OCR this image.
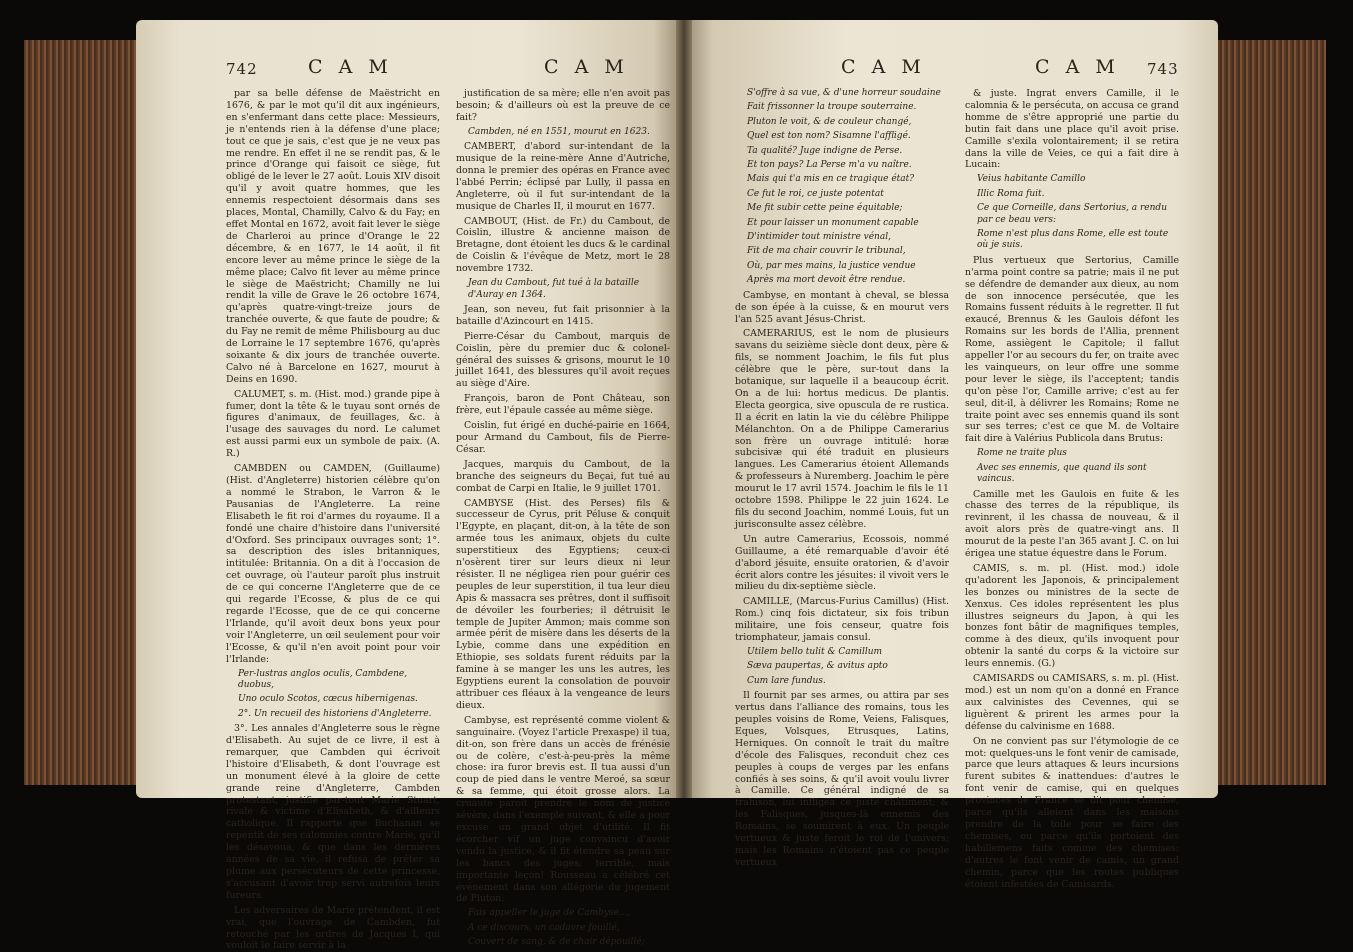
742	C A M	C A M

par sa belle défense de Maëstricht en 1676, & par le mot qu'il dit aux ingénieurs, en s'enfermant dans cette place: Messieurs, je n'entends rien à la défense d'une place; tout ce que je sais, c'est que je ne veux pas me rendre. En effet il ne se rendit pas, & le prince d'Orange qui faisoit ce siège, fut obligé de le lever le 27 août. Louis XIV disoit qu'il y avoit quatre hommes, que les ennemis respectoient désormais dans ses places, Montal, Chamilly, Calvo & du Fay; en effet Montal en 1672, avoit fait lever le siège de Charleroi au prince d'Orange le 22 décembre, & en 1677, le 14 août, il fit encore lever au même prince le siège de la même place; Calvo fit lever au même prince le siège de Maëstricht; Chamilly ne lui rendit la ville de Grave le 26 octobre 1674, qu'après quatre-vingt-treize jours de tranchée ouverte, & que faute de poudre; & du Fay ne remit de même Philisbourg au duc de Lorraine le 17 septembre 1676, qu'après soixante & dix jours de tranchée ouverte. Calvo né à Barcelone en 1627, mourut à Deins en 1690.

CALUMET, s. m. (Hist. mod.) grande pipe à fumer, dont la tête & le tuyau sont ornés de figures d'animaux, de feuillages, &c. à l'usage des sauvages du nord. Le calumet est aussi parmi eux un symbole de paix. (A. R.)

CAMBDEN ou CAMDEN, (Guillaume) (Hist. d'Angleterre) historien célèbre qu'on a nommé le Strabon, le Varron & le Pausanias de l'Angleterre. La reine Elisabeth le fit roi d'armes du royaume. Il a fondé une chaire d'histoire dans l'université d'Oxford. Ses principaux ouvrages sont; 1°. sa description des isles britanniques, intitulée: Britannia. On a dit à l'occasion de cet ouvrage, où l'auteur paroît plus instruit de ce qui concerne l'Angleterre que de ce qui regarde l'Ecosse, & plus de ce qui regarde l'Ecosse, que de ce qui concerne l'Irlande, qu'il avoit deux bons yeux pour voir l'Angleterre, un œil seulement pour voir l'Ecosse, & qu'il n'en avoit point pour voir l'Irlande:

Per-lustras anglos oculis, Cambdene, duobus,

Uno oculo Scotos, cœcus hibernigenas.

2°. Un recueil des historiens d'Angleterre.

3°. Les annales d'Angleterre sous le règne d'Elisabeth. Au sujet de ce livre, il est à remarquer, que Cambden qui écrivoit l'histoire d'Elisabeth, & dont l'ouvrage est un monument élevé à la gloire de cette grande reine d'Angleterre, Cambden protestant, justifie par-tout Marie Stuart, rivale & victime d'Elisabeth, & d'ailleurs catholique. Il rapporte que Buchanan se repentit de ses calomnies contre Marie, qu'il les désavoua, & que dans les dernières années de sa vie, il refusa de prêter sa plume aux persécuteurs de cette princesse, s'accusant d'avoir trop servi autrefois leurs fureurs.

Les adversaires de Marie prétendent, il est vrai, que l'ouvrage de Cambden, fut retouché par les ordres de Jacques I, qui vouloit le faire servir à la

justification de sa mère; elle n'en avoit pas besoin; & d'ailleurs où est la preuve de ce fait?

Cambden, né en 1551, mourut en 1623.

CAMBERT, d'abord sur-intendant de la musique de la reine-mère Anne d'Autriche, donna le premier des opéras en France avec l'abbé Perrin; éclipsé par Lully, il passa en Angleterre, où il fut sur-intendant de la musique de Charles II, il mourut en 1677.

CAMBOUT, (Hist. de Fr.) du Cambout, de Coislin, illustre & ancienne maison de Bretagne, dont étoient les ducs & le cardinal de Coislin & l'évêque de Metz, mort le 28 novembre 1732.

Jean du Cambout, fut tué à la bataille d'Auray en 1364.

Jean, son neveu, fut fait prisonnier à la bataille d'Azincourt en 1415.

Pierre-César du Cambout, marquis de Coislin, père du premier duc & colonel-général des suisses & grisons, mourut le 10 juillet 1641, des blessures qu'il avoit reçues au siège d'Aire.

François, baron de Pont Château, son frère, eut l'épaule cassée au même siège.

Coislin, fut érigé en duché-pairie en 1664, pour Armand du Cambout, fils de Pierre-César.

Jacques, marquis du Cambout, de la branche des seigneurs du Beçai, fut tué au combat de Carpi en Italie, le 9 juillet 1701.

CAMBYSE (Hist. des Perses) fils & successeur de Cyrus, prit Péluse & conquit l'Egypte, en plaçant, dit-on, à la tête de son armée tous les animaux, objets du culte superstitieux des Egyptiens; ceux-ci n'osèrent tirer sur leurs dieux ni leur résister. Il ne négligea rien pour guérir ces peuples de leur superstition, il tua leur dieu Apis & massacra ses prêtres, dont il suffisoit de dévoiler les fourberies; il détruisit le temple de Jupiter Ammon; mais comme son armée périt de misère dans les déserts de la Lybie, comme dans une expédition en Ethiopie, ses soldats furent réduits par la famine à se manger les uns les autres, les Egyptiens eurent la consolation de pouvoir attribuer ces fléaux à la vengeance de leurs dieux.

Cambyse, est représenté comme violent & sanguinaire. (Voyez l'article Prexaspe) il tua, dit-on, son frère dans un accès de frénésie ou de colère, c'est-à-peu-près la même chose: ira furor brevis est. Il tua aussi d'un coup de pied dans le ventre Meroé, sa sœur & sa femme, qui étoit grosse alors. La cruauté paroît prendre le nom de justice sévère, dans l'exemple suivant, & elle a pour excuse un grand objet d'utilité. Il fit écorcher vif un juge convaincu d'avoir vendu la justice, & il fit étendre sa peau sur les bancs des juges; terrible, mais importante leçon! Rousseau a célébré cet événement dans son allégorie du jugement de Pluton:

Fais appeller le juge de Cambyse...,

A ce discours, un cadavre fouillé,

Couvert de sang, & de chair dépouillé;

C A M	C A M 743

S'offre à sa vue, & d'une horreur soudaine

Fait frissonner la troupe souterraine.

Pluton le voit, & de couleur changé,

Quel est ton nom? Sisamne l'affligé.

Ta qualité? Juge indigne de Perse.

Et ton pays? La Perse m'a vu naître.

Mais qui t'a mis en ce tragique état?

Ce fut le roi, ce juste potentat

Me fit subir cette peine équitable;

Et pour laisser un monument capable

D'intimider tout ministre vénal,

Fit de ma chair couvrir le tribunal,

Où, par mes mains, la justice vendue

Après ma mort devoit être rendue.

Cambyse, en montant à cheval, se blessa de son épée à la cuisse, & en mourut vers l'an 525 avant Jésus-Christ.

CAMERARIUS, est le nom de plusieurs savans du seizième siècle dont deux, père & fils, se nomment Joachim, le fils fut plus célèbre que le père, sur-tout dans la botanique, sur laquelle il a beaucoup écrit. On a de lui: hortus medicus. De plantis. Electa georgica, sive opuscula de re rustica. Il a écrit en latin la vie du célèbre Philippe Mélanchton. On a de Philippe Camerarius son frère un ouvrage intitulé: horæ subcisivæ qui été traduit en plusieurs langues. Les Camerarius étoient Allemands & professeurs à Nuremberg. Joachim le père mourut le 17 avril 1574. Joachim le fils le 11 octobre 1598. Philippe le 22 juin 1624. Le fils du second Joachim, nommé Louis, fut un jurisconsulte assez célèbre.

Un autre Camerarius, Ecossois, nommé Guillaume, a été remarquable d'avoir été d'abord jésuite, ensuite oratorien, & d'avoir écrit alors contre les jésuites: il vivoit vers le milieu du dix-septième siècle.

CAMILLE, (Marcus-Furius Camillus) (Hist. Rom.) cinq fois dictateur, six fois tribun militaire, une fois censeur, quatre fois triomphateur, jamais consul.

Utilem bello tulit & Camillum

Sæva paupertas, & avitus apto

Cum lare fundus.

Il fournit par ses armes, ou attira par ses vertus dans l'alliance des romains, tous les peuples voisins de Rome, Veiens, Falisques, Eques, Volsques, Etrusques, Latins, Herniques. On connoît le trait du maître d'école des Falisques, reconduit chez ces peuples à coups de verges par les enfans confiés à ses soins, & qu'il avoit voulu livrer à Camille. Ce général indigné de sa trahison, lui infligea ce juste châtiment; & les Falisques, jusques-là ennemis des Romains, se soumirent à eux. Un peuple vertueux & juste feroit le roi de l'univers; mais les Romains n'étoient pas ce peuple vertueux

& juste. Ingrat envers Camille, il le calomnia & le persécuta, on accusa ce grand homme de s'être approprié une partie du butin fait dans une place qu'il avoit prise. Camille s'exila volontairement; il se retira dans la ville de Veies, ce qui a fait dire à Lucain:

Veius habitante Camillo

Illic Roma fuit.

Ce que Corneille, dans Sertorius, a rendu par ce beau vers:

Rome n'est plus dans Rome, elle est toute où je suis.

Plus vertueux que Sertorius, Camille n'arma point contre sa patrie; mais il ne put se défendre de demander aux dieux, au nom de son innocence persécutée, que les Romains fussent réduits à le regretter. Il fut exaucé, Brennus & les Gaulois défont les Romains sur les bords de l'Allia, prennent Rome, assiègent le Capitole; il fallut appeller l'or au secours du fer, on traite avec les vainqueurs, on leur offre une somme pour lever le siège, ils l'acceptent; tandis qu'on pèse l'or, Camille arrive; c'est au fer seul, dit-il, à délivrer les Romains; Rome ne traite point avec ses ennemis quand ils sont sur ses terres; c'est ce que M. de Voltaire fait dire à Valérius Publicola dans Brutus:

Rome ne traite plus

Avec ses ennemis, que quand ils sont vaincus.

Camille met les Gaulois en fuite & les chasse des terres de la république, ils revinrent, il les chassa de nouveau, & il avoit alors près de quatre-vingt ans. Il mourut de la peste l'an 365 avant J. C. on lui érigea une statue équestre dans le Forum.

CAMIS, s. m. pl. (Hist. mod.) idole qu'adorent les Japonois, & principalement les bonzes ou ministres de la secte de Xenxus. Ces idoles représentent les plus illustres seigneurs du Japon, à qui les bonzes font bâtir de magnifiques temples, comme à des dieux, qu'ils invoquent pour obtenir la santé du corps & la victoire sur leurs ennemis. (G.)

CAMISARDS ou CAMISARS, s. m. pl. (Hist. mod.) est un nom qu'on a donné en France aux calvinistes des Cevennes, qui se liguèrent & prirent les armes pour la défense du calvinisme en 1688.

On ne convient pas sur l'étymologie de ce mot: quelques-uns le font venir de camisade, parce que leurs attaques & leurs incursions furent subites & inattendues: d'autres le font venir de camise, qui en quelques provinces de France se dit pour chemise, parce qu'ils alloient dans les maisons prendre de la toile pour se faire des chemises, ou parce qu'ils portoient des habillemens faits comme des chemises: d'autres le font venir de camis, un grand chemin, parce que les routes publiques étoient infestées de Camisards.
